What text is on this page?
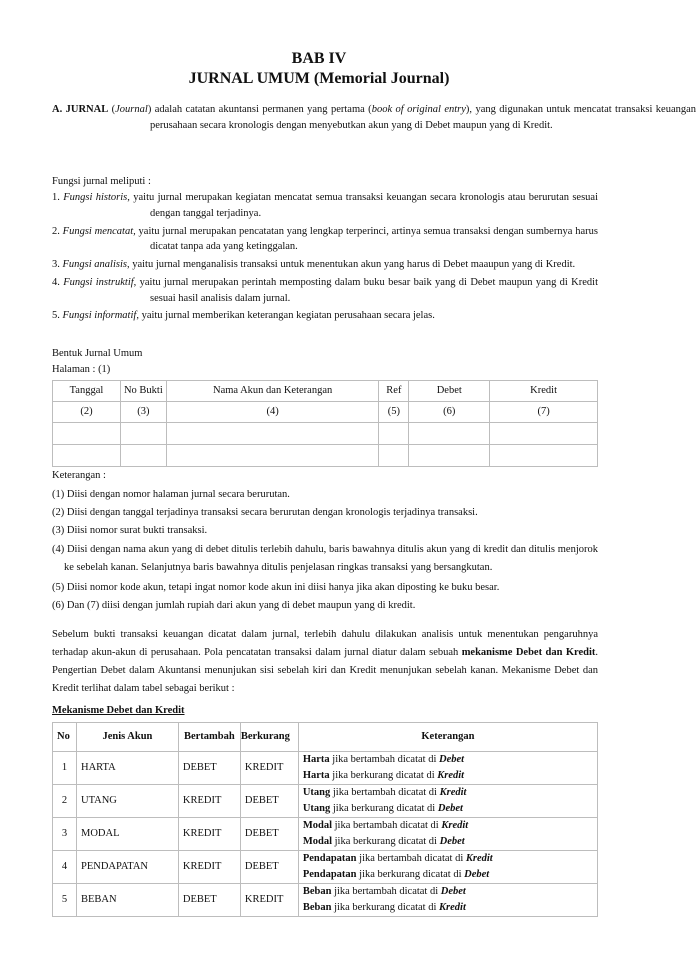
BAB IV
JURNAL UMUM (Memorial Journal)
A. JURNAL (Journal) adalah catatan akuntansi permanen yang pertama (book of original entry), yang digunakan untuk mencatat transaksi keuangan perusahaan secara kronologis dengan menyebutkan akun yang di Debet maupun yang di Kredit.
Fungsi jurnal meliputi :
1. Fungsi historis, yaitu jurnal merupakan kegiatan mencatat semua transaksi keuangan secara kronologis atau berurutan sesuai dengan tanggal terjadinya.
2. Fungsi mencatat, yaitu jurnal merupakan pencatatan yang lengkap terperinci, artinya semua transaksi dengan sumbernya harus dicatat tanpa ada yang ketinggalan.
3. Fungsi analisis, yaitu jurnal menganalisis transaksi untuk menentukan akun yang harus di Debet maaupun yang di Kredit.
4. Fungsi instruktif, yaitu jurnal merupakan perintah memposting dalam buku besar baik yang di Debet maupun yang di Kredit sesuai hasil analisis dalam jurnal.
5. Fungsi informatif, yaitu jurnal memberikan keterangan kegiatan perusahaan secara jelas.
Bentuk Jurnal Umum
Halaman : (1)
Tanggal	No Bukti	Nama Akun dan Keterangan	Ref	Debet	Kredit
(2)	(3)	(4)	(5)	(6)	(7)

Keterangan :
(1) Diisi dengan nomor halaman jurnal secara berurutan.
(2) Diisi dengan tanggal terjadinya transaksi secara berurutan dengan kronologis terjadinya transaksi.
(3) Diisi nomor surat bukti transaksi.
(4) Diisi dengan nama akun yang di debet ditulis terlebih dahulu, baris bawahnya ditulis akun yang di kredit dan ditulis menjorok ke sebelah kanan. Selanjutnya baris bawahnya ditulis penjelasan ringkas transaksi yang bersangkutan.
(5) Diisi nomor kode akun, tetapi ingat nomor kode akun ini diisi hanya jika akan diposting ke buku besar.
(6) Dan (7) diisi dengan jumlah rupiah dari akun yang di debet maupun yang di kredit.
Sebelum bukti transaksi keuangan dicatat dalam jurnal, terlebih dahulu dilakukan analisis untuk menentukan pengaruhnya terhadap akun-akun di perusahaan. Pola pencatatan transaksi dalam jurnal diatur dalam sebuah mekanisme Debet dan Kredit. Pengertian Debet dalam Akuntansi menunjukan sisi sebelah kiri dan Kredit menunjukan sebelah kanan. Mekanisme Debet dan Kredit terlihat dalam tabel sebagai berikut :
Mekanisme Debet dan Kredit
No	Jenis Akun	Bertambah	Berkurang	Keterangan
1	HARTA	DEBET	KREDIT	Harta jika bertambah dicatat di Debet
Harta jika berkurang dicatat di Kredit

2	UTANG	KREDIT	DEBET	Utang jika bertambah dicatat di Kredit
Utang jika berkurang dicatat di Debet

3	MODAL	KREDIT	DEBET	Modal jika bertambah dicatat di Kredit
Modal jika berkurang dicatat di Debet

4	PENDAPATAN	KREDIT	DEBET	Pendapatan jika bertambah dicatat di Kredit
Pendapatan jika berkurang dicatat di Debet

5	BEBAN	DEBET	KREDIT	Beban jika bertambah dicatat di Debet
Beban jika berkurang dicatat di Kredit
